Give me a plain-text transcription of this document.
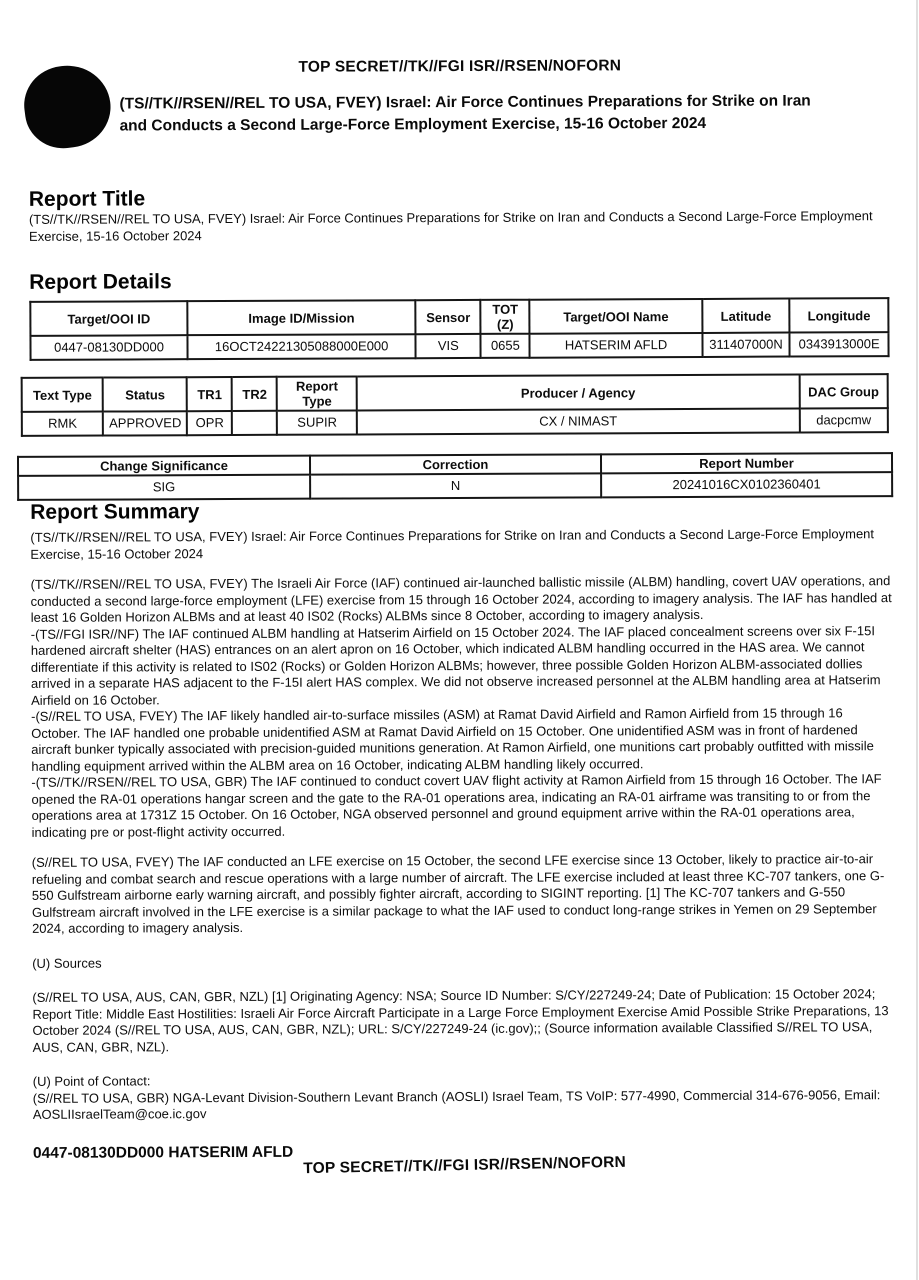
TOP SECRET//TK//FGI ISR//RSEN/NOFORN
(TS//TK//RSEN//REL TO USA, FVEY) Israel: Air Force Continues Preparations for Strike on Iran and Conducts a Second Large-Force Employment Exercise, 15-16 October 2024
Report Title
(TS//TK//RSEN//REL TO USA, FVEY) Israel: Air Force Continues Preparations for Strike on Iran and Conducts a Second Large-Force Employment Exercise, 15-16 October 2024
Report Details
Target/OOI ID	Image ID/Mission	Sensor	TOT (Z)	Target/OOI Name	Latitude	Longitude
0447-08130DD000	16OCT24221305088000E000	VIS	0655	HATSERIM AFLD	311407000N	0343913000E
Text Type	Status	TR1	TR2	Report Type	Producer / Agency	DAC Group
RMK	APPROVED	OPR		SUPIR	CX / NIMAST	dacpcmw
Change Significance	Correction	Report Number
SIG	N	20241016CX0102360401
Report Summary
(TS//TK//RSEN//REL TO USA, FVEY) Israel: Air Force Continues Preparations for Strike on Iran and Conducts a Second Large-Force Employment Exercise, 15-16 October 2024
(TS//TK//RSEN//REL TO USA, FVEY) The Israeli Air Force (IAF) continued air-launched ballistic missile (ALBM) handling, covert UAV operations, and conducted a second large-force employment (LFE) exercise from 15 through 16 October 2024, according to imagery analysis. The IAF has handled at least 16 Golden Horizon ALBMs and at least 40 IS02 (Rocks) ALBMs since 8 October, according to imagery analysis.
-(TS//FGI ISR//NF) The IAF continued ALBM handling at Hatserim Airfield on 15 October 2024. The IAF placed concealment screens over six F-15I hardened aircraft shelter (HAS) entrances on an alert apron on 16 October, which indicated ALBM handling occurred in the HAS area. We cannot differentiate if this activity is related to IS02 (Rocks) or Golden Horizon ALBMs; however, three possible Golden Horizon ALBM-associated dollies arrived in a separate HAS adjacent to the F-15I alert HAS complex. We did not observe increased personnel at the ALBM handling area at Hatserim Airfield on 16 October.
-(S//REL TO USA, FVEY) The IAF likely handled air-to-surface missiles (ASM) at Ramat David Airfield and Ramon Airfield from 15 through 16 October. The IAF handled one probable unidentified ASM at Ramat David Airfield on 15 October. One unidentified ASM was in front of hardened aircraft bunker typically associated with precision-guided munitions generation. At Ramon Airfield, one munitions cart probably outfitted with missile handling equipment arrived within the ALBM area on 16 October, indicating ALBM handling likely occurred.
-(TS//TK//RSEN//REL TO USA, GBR) The IAF continued to conduct covert UAV flight activity at Ramon Airfield from 15 through 16 October. The IAF opened the RA-01 operations hangar screen and the gate to the RA-01 operations area, indicating an RA-01 airframe was transiting to or from the operations area at 1731Z 15 October. On 16 October, NGA observed personnel and ground equipment arrive within the RA-01 operations area, indicating pre or post-flight activity occurred.
(S//REL TO USA, FVEY) The IAF conducted an LFE exercise on 15 October, the second LFE exercise since 13 October, likely to practice air-to-air refueling and combat search and rescue operations with a large number of aircraft. The LFE exercise included at least three KC-707 tankers, one G-550 Gulfstream airborne early warning aircraft, and possibly fighter aircraft, according to SIGINT reporting. [1] The KC-707 tankers and G-550 Gulfstream aircraft involved in the LFE exercise is a similar package to what the IAF used to conduct long-range strikes in Yemen on 29 September 2024, according to imagery analysis.
(U) Sources
(S//REL TO USA, AUS, CAN, GBR, NZL) [1] Originating Agency: NSA; Source ID Number: S/CY/227249-24; Date of Publication: 15 October 2024; Report Title: Middle East Hostilities: Israeli Air Force Aircraft Participate in a Large Force Employment Exercise Amid Possible Strike Preparations, 13 October 2024 (S//REL TO USA, AUS, CAN, GBR, NZL); URL: S/CY/227249-24 (ic.gov);; (Source information available Classified S//REL TO USA, AUS, CAN, GBR, NZL).
(U) Point of Contact:
(S//REL TO USA, GBR) NGA-Levant Division-Southern Levant Branch (AOSLI) Israel Team, TS VoIP: 577-4990, Commercial 314-676-9056, Email: AOSLIIsraelTeam@coe.ic.gov
0447-08130DD000 HATSERIM AFLD
TOP SECRET//TK//FGI ISR//RSEN/NOFORN
